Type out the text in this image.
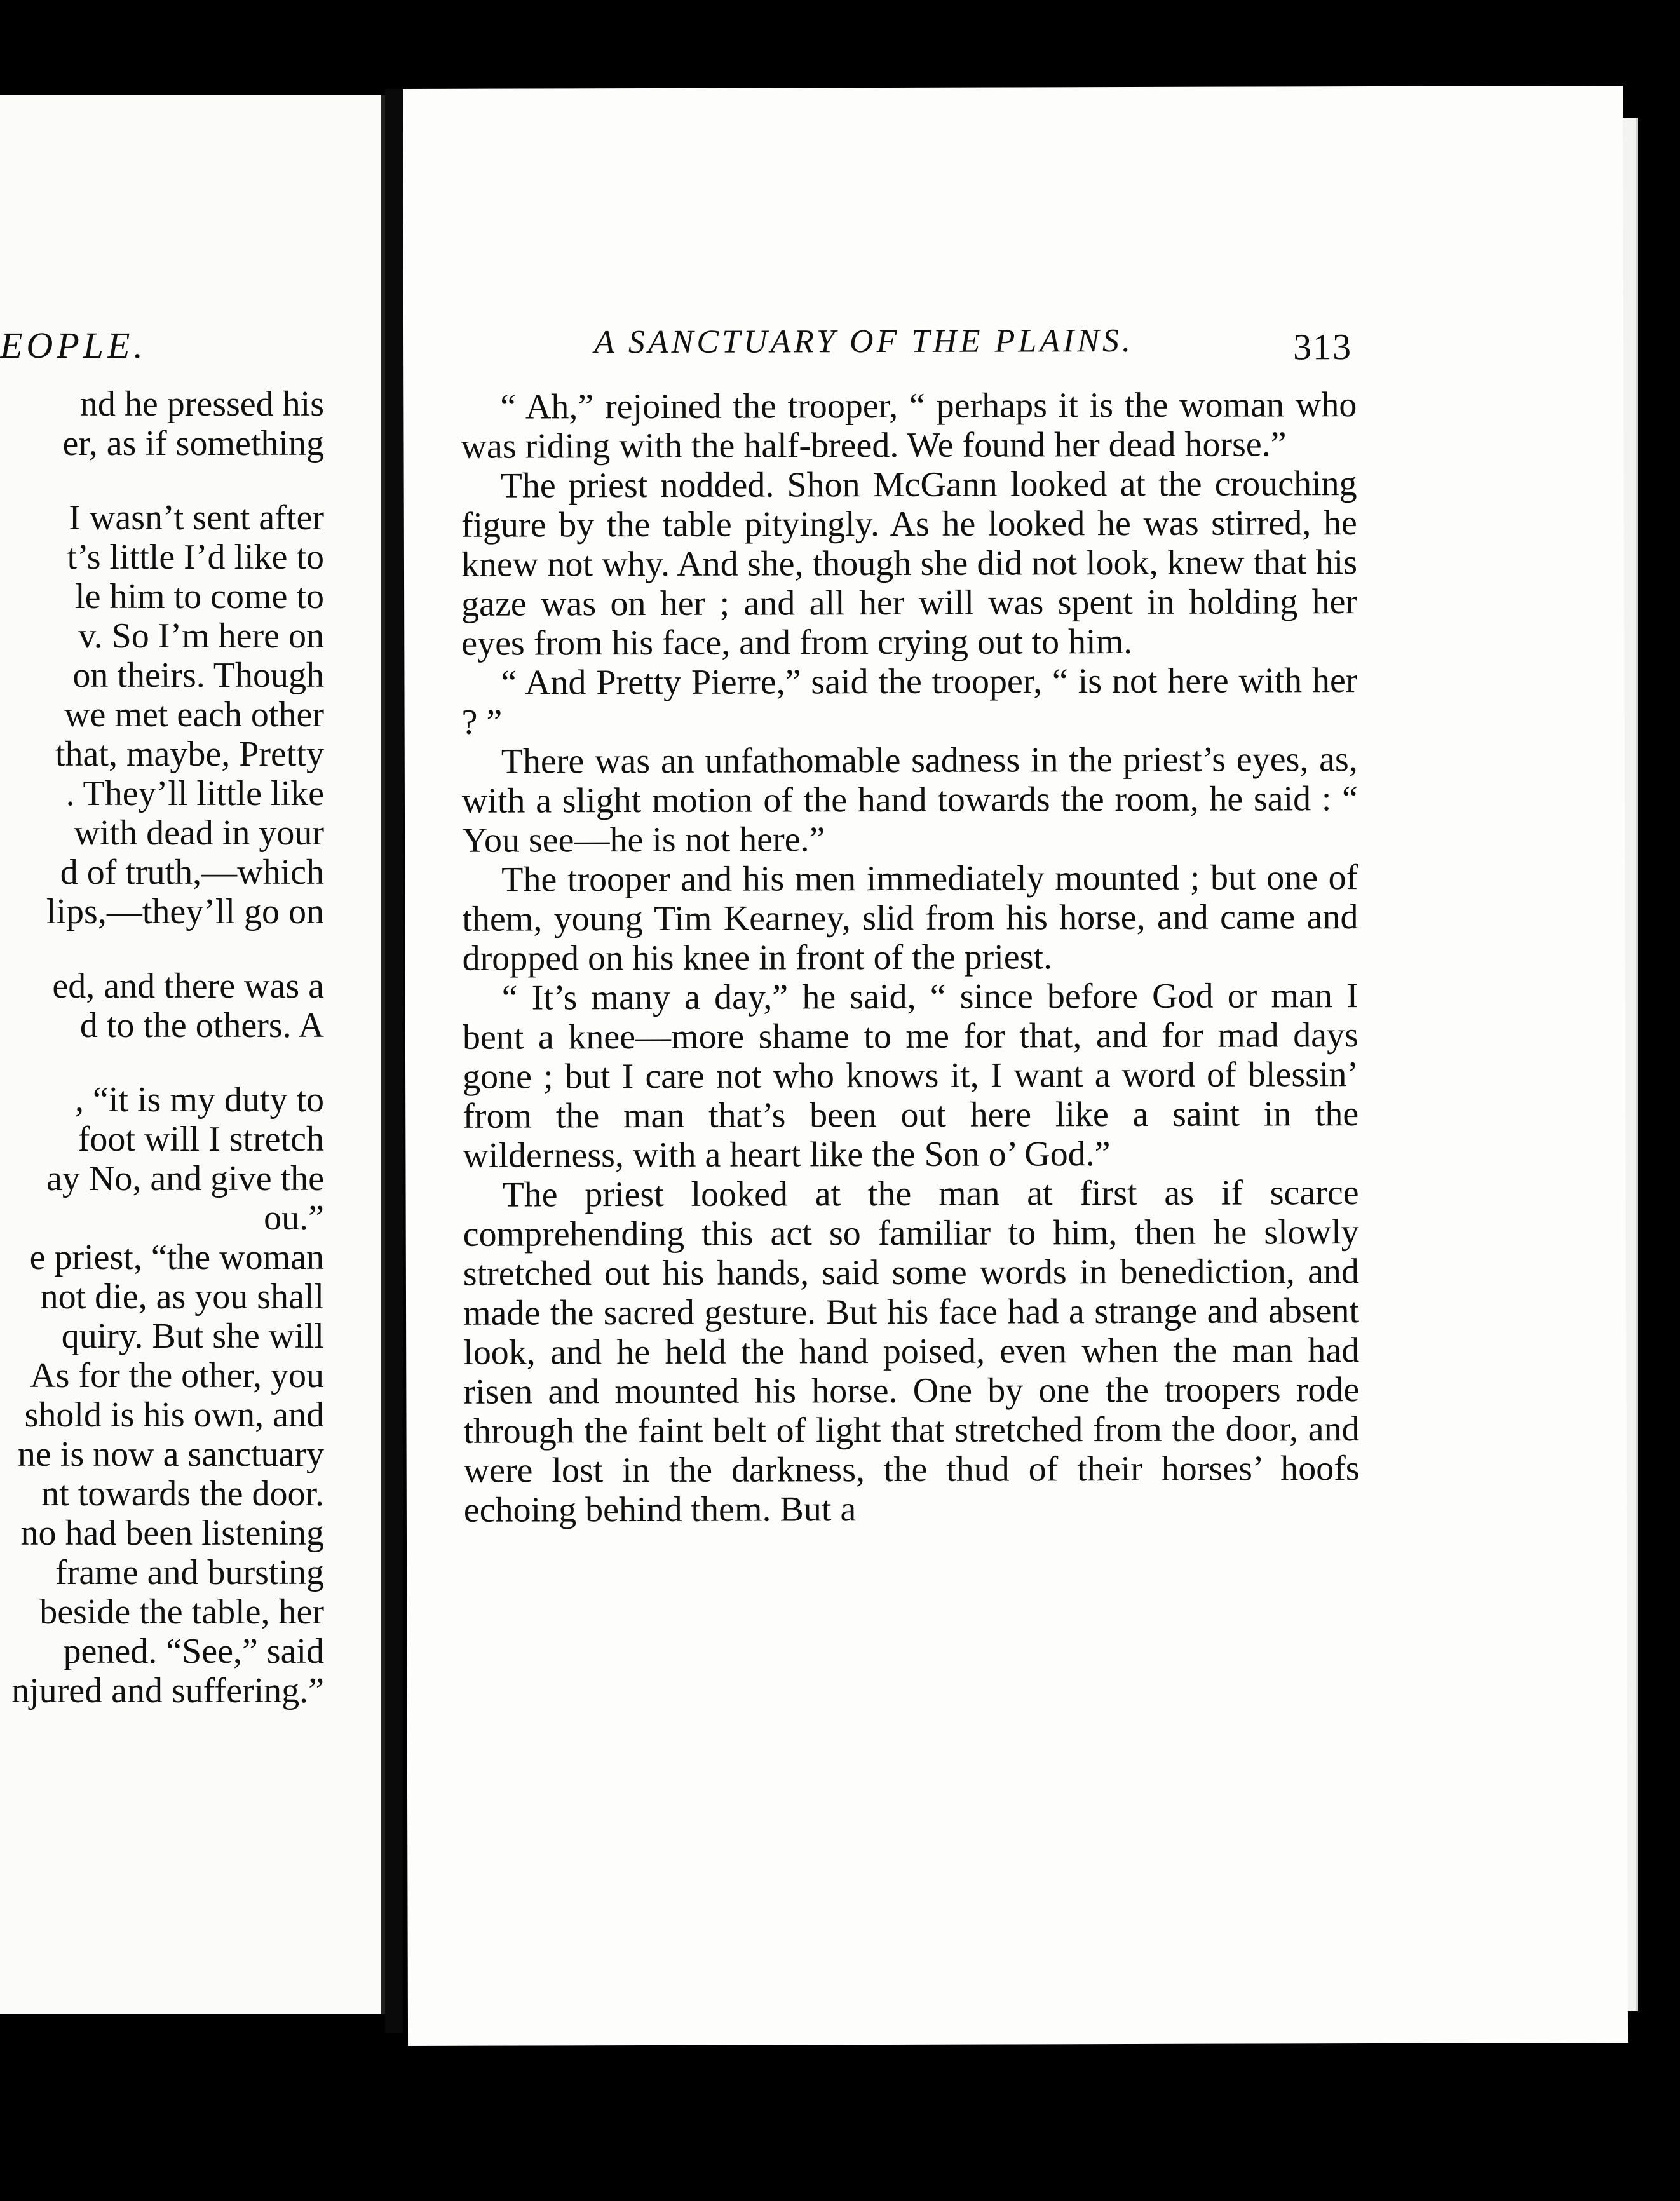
EOPLE.
nd he pressed his
er, as if something
I wasn’t sent after
t’s little I’d like to
le him to come to
v. So I’m here on
on theirs. Though
we met each other
that, maybe, Pretty
. They’ll little like
with dead in your
d of truth,—which
lips,—they’ll go on
ed, and there was a
d to the others. A
, “it is my duty to
foot will I stretch
ay No, and give the
ou.”
e priest, “the woman
not die, as you shall
quiry. But she will
As for the other, you
shold is his own, and
ne is now a sanctuary
nt towards the door.
no had been listening
frame and bursting
beside the table, her
pened. “See,” said
njured and suffering.”
A SANCTUARY OF THE PLAINS.	313

“ Ah,” rejoined the trooper, “ perhaps it is the woman who was riding with the half-breed. We found her dead horse.”

The priest nodded. Shon McGann looked at the crouching figure by the table pityingly. As he looked he was stirred, he knew not why. And she, though she did not look, knew that his gaze was on her ; and all her will was spent in holding her eyes from his face, and from crying out to him.

“ And Pretty Pierre,” said the trooper, “ is not here with her ? ”

There was an unfathomable sadness in the priest’s eyes, as, with a slight motion of the hand towards the room, he said : “ You see—he is not here.”

The trooper and his men immediately mounted ; but one of them, young Tim Kearney, slid from his horse, and came and dropped on his knee in front of the priest.

“ It’s many a day,” he said, “ since before God or man I bent a knee—more shame to me for that, and for mad days gone ; but I care not who knows it, I want a word of blessin’ from the man that’s been out here like a saint in the wilderness, with a heart like the Son o’ God.”

The priest looked at the man at first as if scarce comprehending this act so familiar to him, then he slowly stretched out his hands, said some words in benediction, and made the sacred gesture. But his face had a strange and absent look, and he held the hand poised, even when the man had risen and mounted his horse. One by one the troopers rode through the faint belt of light that stretched from the door, and were lost in the darkness, the thud of their horses’ hoofs echoing behind them. But a
